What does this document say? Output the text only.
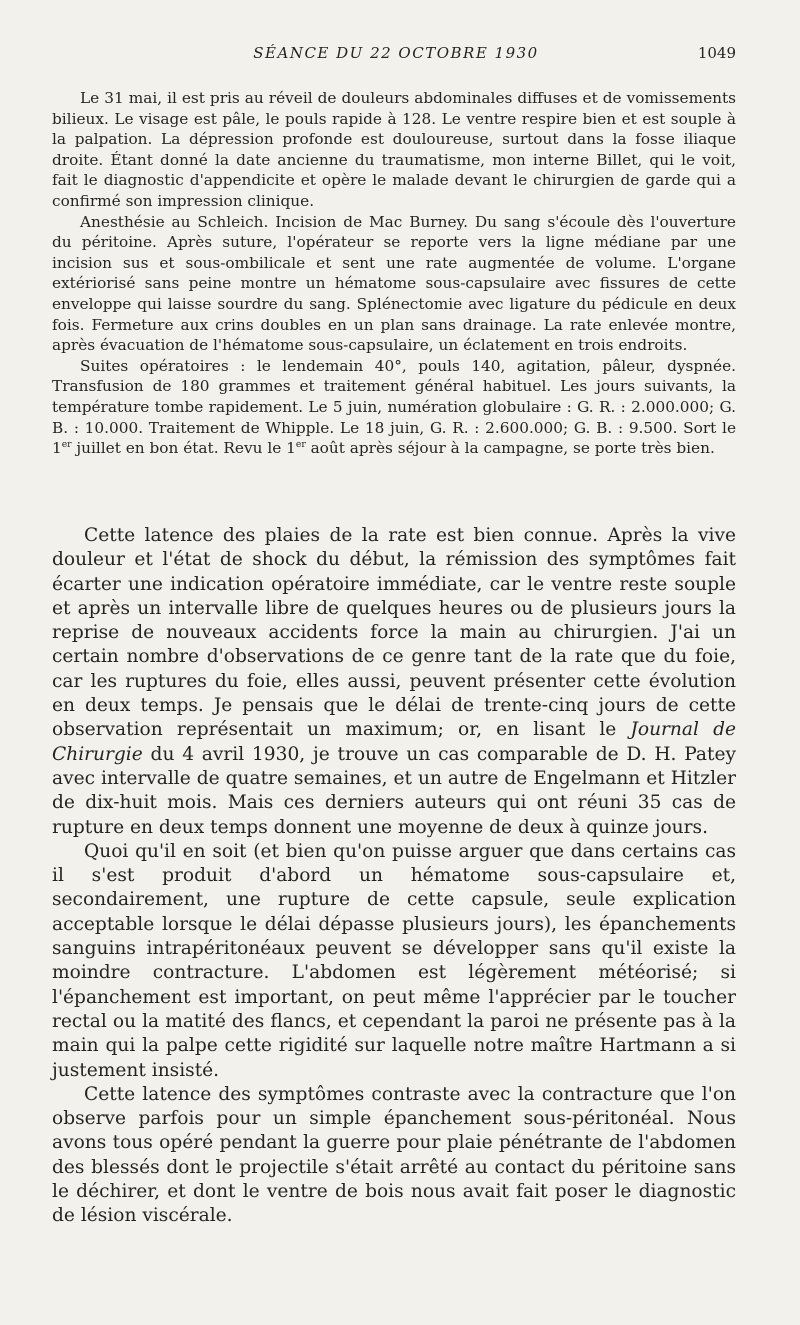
SÉANCE DU 22 OCTOBRE 1930	1049

Le 31 mai, il est pris au réveil de douleurs abdominales diffuses et de vomissements bilieux. Le visage est pâle, le pouls rapide à 128. Le ventre respire bien et est souple à la palpation. La dépression profonde est douloureuse, surtout dans la fosse iliaque droite. Étant donné la date ancienne du traumatisme, mon interne Billet, qui le voit, fait le diagnostic d'appendicite et opère le malade devant le chirurgien de garde qui a confirmé son impression clinique.

Anesthésie au Schleich. Incision de Mac Burney. Du sang s'écoule dès l'ouverture du péritoine. Après suture, l'opérateur se reporte vers la ligne médiane par une incision sus et sous-ombilicale et sent une rate augmentée de volume. L'organe extériorisé sans peine montre un hématome sous-capsulaire avec fissures de cette enveloppe qui laisse sourdre du sang. Splénectomie avec ligature du pédicule en deux fois. Fermeture aux crins doubles en un plan sans drainage. La rate enlevée montre, après évacuation de l'hématome sous-capsulaire, un éclatement en trois endroits.

Suites opératoires : le lendemain 40°, pouls 140, agitation, pâleur, dyspnée. Transfusion de 180 grammes et traitement général habituel. Les jours suivants, la température tombe rapidement. Le 5 juin, numération globulaire : G. R. : 2.000.000; G. B. : 10.000. Traitement de Whipple. Le 18 juin, G. R. : 2.600.000; G. B. : 9.500. Sort le 1er juillet en bon état. Revu le 1er août après séjour à la campagne, se porte très bien.

Cette latence des plaies de la rate est bien connue. Après la vive douleur et l'état de shock du début, la rémission des symptômes fait écarter une indication opératoire immédiate, car le ventre reste souple et après un intervalle libre de quelques heures ou de plusieurs jours la reprise de nouveaux accidents force la main au chirurgien. J'ai un certain nombre d'observations de ce genre tant de la rate que du foie, car les ruptures du foie, elles aussi, peuvent présenter cette évolution en deux temps. Je pensais que le délai de trente-cinq jours de cette observation représentait un maximum; or, en lisant le Journal de Chirurgie du 4 avril 1930, je trouve un cas comparable de D. H. Patey avec intervalle de quatre semaines, et un autre de Engelmann et Hitzler de dix-huit mois. Mais ces derniers auteurs qui ont réuni 35 cas de rupture en deux temps donnent une moyenne de deux à quinze jours.

Quoi qu'il en soit (et bien qu'on puisse arguer que dans certains cas il s'est produit d'abord un hématome sous-capsulaire et, secondairement, une rupture de cette capsule, seule explication acceptable lorsque le délai dépasse plusieurs jours), les épanchements sanguins intrapéritonéaux peuvent se développer sans qu'il existe la moindre contracture. L'abdomen est légèrement météorisé; si l'épanchement est important, on peut même l'apprécier par le toucher rectal ou la matité des flancs, et cependant la paroi ne présente pas à la main qui la palpe cette rigidité sur laquelle notre maître Hartmann a si justement insisté.

Cette latence des symptômes contraste avec la contracture que l'on observe parfois pour un simple épanchement sous-péritonéal. Nous avons tous opéré pendant la guerre pour plaie pénétrante de l'abdomen des blessés dont le projectile s'était arrêté au contact du péritoine sans le déchirer, et dont le ventre de bois nous avait fait poser le diagnostic de lésion viscérale.
